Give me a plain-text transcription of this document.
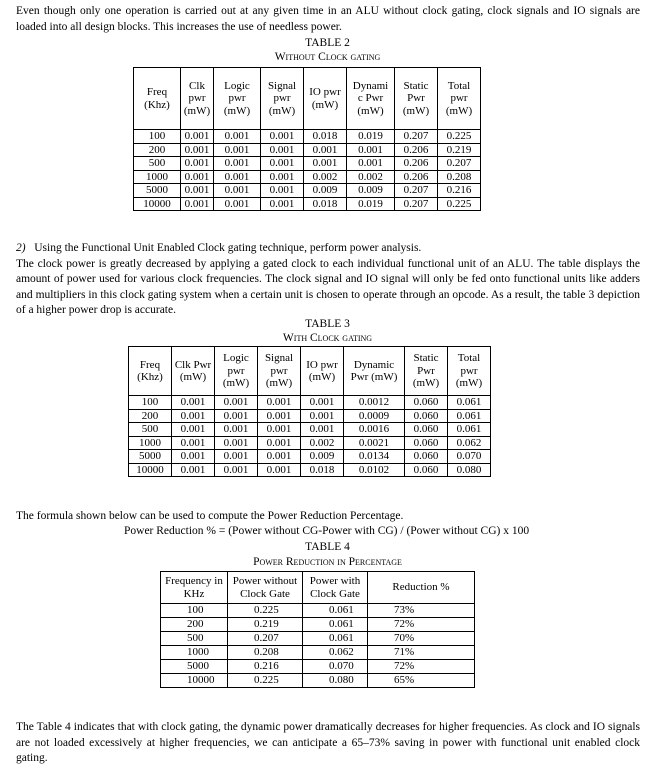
Even though only one operation is carried out at any given time in an ALU without clock gating, clock signals and IO signals are loaded into all design blocks. This increases the use of needless power.

TABLE 2
Without Clock gating
Freq (Khz)	Clk pwr (mW)	Logic pwr (mW)	Signal pwr (mW)	IO pwr (mW)	Dynami c Pwr (mW)	Static Pwr (mW)	Total pwr (mW)
100	0.001	0.001	0.001	0.018	0.019	0.207	0.225
200	0.001	0.001	0.001	0.001	0.001	0.206	0.219
500	0.001	0.001	0.001	0.001	0.001	0.206	0.207
1000	0.001	0.001	0.001	0.002	0.002	0.206	0.208
5000	0.001	0.001	0.001	0.009	0.009	0.207	0.216
10000	0.001	0.001	0.001	0.018	0.019	0.207	0.225

2) Using the Functional Unit Enabled Clock gating technique, perform power analysis.
The clock power is greatly decreased by applying a gated clock to each individual functional unit of an ALU. The table displays the amount of power used for various clock frequencies. The clock signal and IO signal will only be fed onto functional units like adders and multipliers in this clock gating system when a certain unit is chosen to operate through an opcode. As a result, the table 3 depiction of a higher power drop is accurate.

TABLE 3
With Clock gating
Freq (Khz)	Clk Pwr (mW)	Logic pwr (mW)	Signal pwr (mW)	IO pwr (mW)	Dynamic Pwr (mW)	Static Pwr (mW)	Total pwr (mW)
100	0.001	0.001	0.001	0.001	0.0012	0.060	0.061
200	0.001	0.001	0.001	0.001	0.0009	0.060	0.061
500	0.001	0.001	0.001	0.001	0.0016	0.060	0.061
1000	0.001	0.001	0.001	0.002	0.0021	0.060	0.062
5000	0.001	0.001	0.001	0.009	0.0134	0.060	0.070
10000	0.001	0.001	0.001	0.018	0.0102	0.060	0.080

The formula shown below can be used to compute the Power Reduction Percentage.

Power Reduction % = (Power without CG-Power with CG) / (Power without CG) x 100
TABLE 4
Power Reduction in Percentage
Frequency in KHz	Power without Clock Gate	Power with Clock Gate	Reduction %
100	0.225	0.061	73%
200	0.219	0.061	72%
500	0.207	0.061	70%
1000	0.208	0.062	71%
5000	0.216	0.070	72%
10000	0.225	0.080	65%

The Table 4 indicates that with clock gating, the dynamic power dramatically decreases for higher frequencies. As clock and IO signals are not loaded excessively at higher frequencies, we can anticipate a 65–73% saving in power with functional unit enabled clock gating.
